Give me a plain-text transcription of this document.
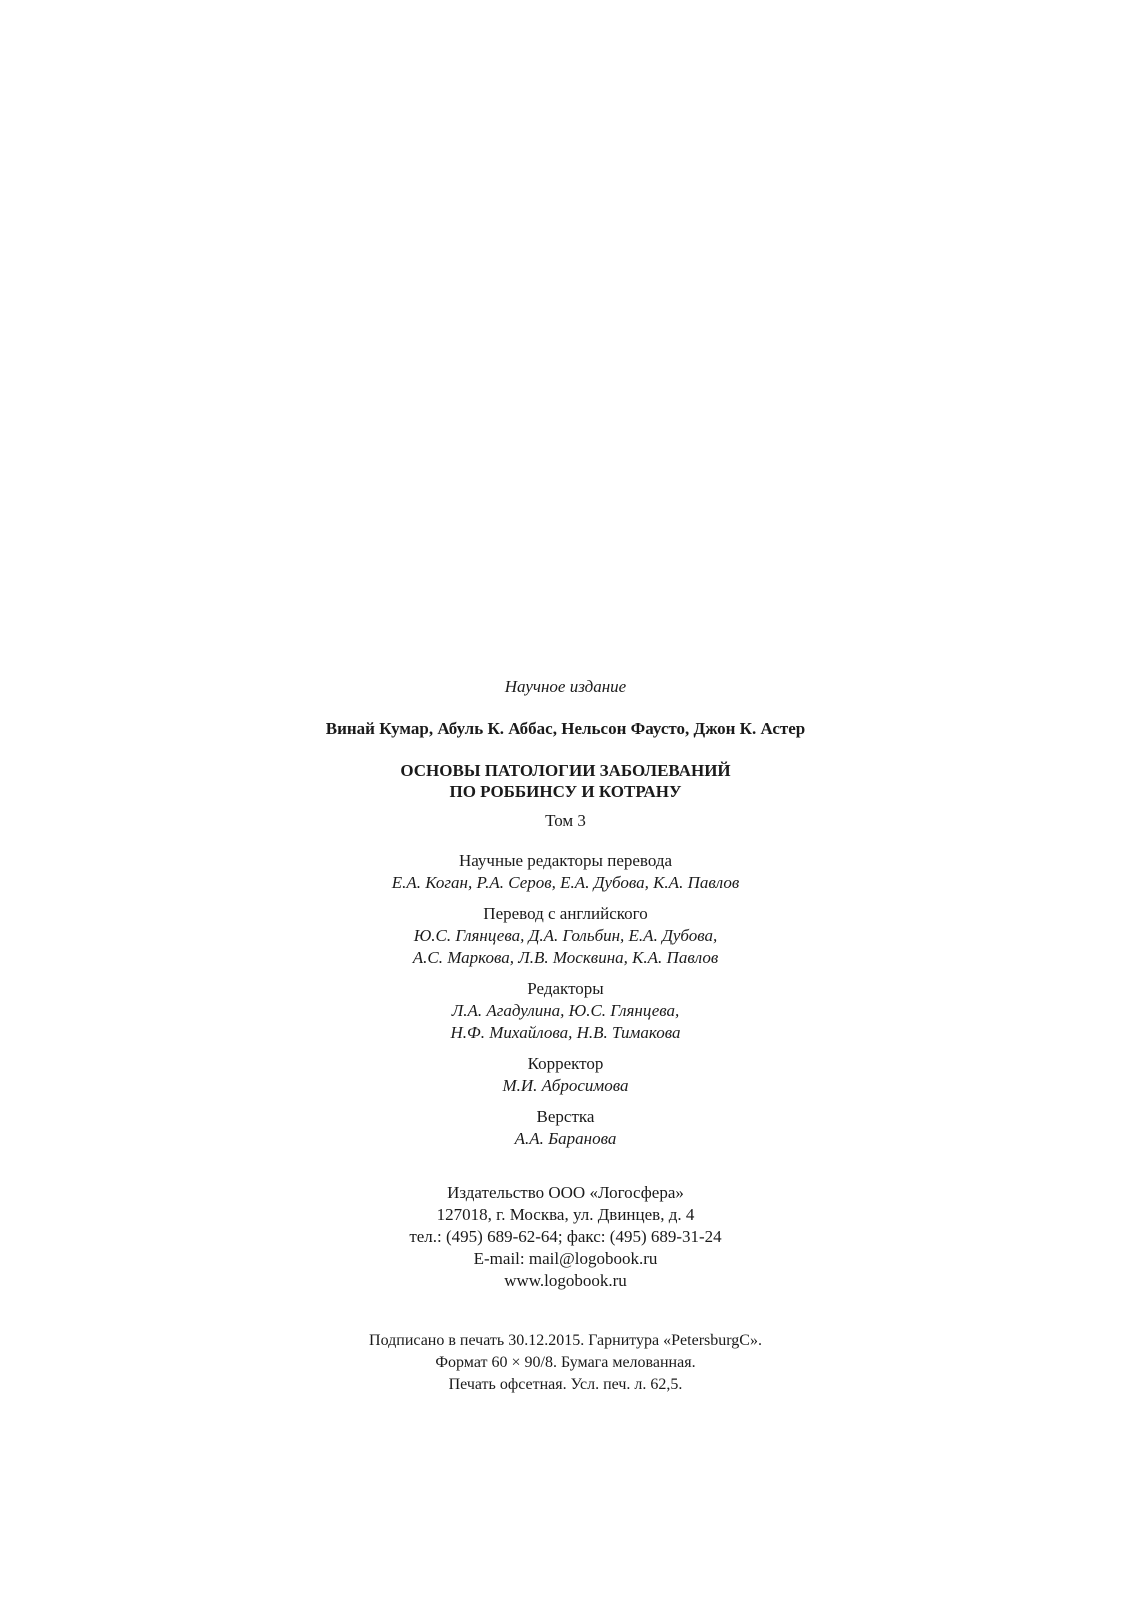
Научное издание
Винай Кумар, Абуль К. Аббас, Нельсон Фаусто, Джон К. Астер
ОСНОВЫ ПАТОЛОГИИ ЗАБОЛЕВАНИЙ
ПО РОББИНСУ И КОТРАНУ
Том 3
Научные редакторы перевода
Е.А. Коган, Р.А. Серов, Е.А. Дубова, К.А. Павлов
Перевод с английского
Ю.С. Глянцева, Д.А. Гольбин, Е.А. Дубова,
А.С. Маркова, Л.В. Москвина, К.А. Павлов
Редакторы
Л.А. Агадулина, Ю.С. Глянцева,
Н.Ф. Михайлова, Н.В. Тимакова
Корректор
М.И. Абросимова
Верстка
А.А. Баранова
Издательство ООО «Логосфера»
127018, г. Москва, ул. Двинцев, д. 4
тел.: (495) 689-62-64; факс: (495) 689-31-24
E-mail: mail@logobook.ru
www.logobook.ru
Подписано в печать 30.12.2015. Гарнитура «PetersburgC».
Формат 60 × 90/8. Бумага мелованная.
Печать офсетная. Усл. печ. л. 62,5.
